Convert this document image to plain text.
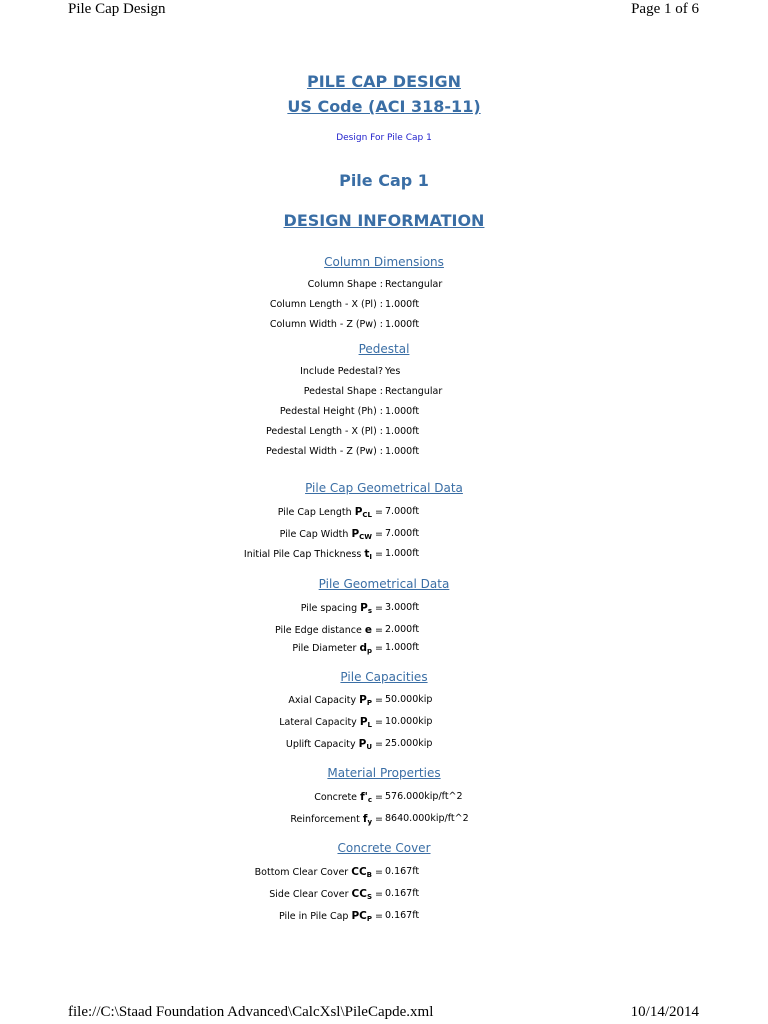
Pile Cap Design	Page 1 of 6
PILE CAP DESIGN
US Code (ACI 318-11)
Design For Pile Cap 1
Pile Cap 1
DESIGN INFORMATION
Column Dimensions
Column Shape : Rectangular
Column Length - X (Pl) : 1.000ft
Column Width - Z (Pw) : 1.000ft
Pedestal
Include Pedestal? Yes
Pedestal Shape : Rectangular
Pedestal Height (Ph) : 1.000ft
Pedestal Length - X (Pl) : 1.000ft
Pedestal Width - Z (Pw) : 1.000ft
Pile Cap Geometrical Data
Pile Cap Length $P_{CL} = 7.000ft$
Pile Cap Width $P_{CW} = 7.000ft$
Initial Pile Cap Thickness $t_I = 1.000ft$
Pile Geometrical Data
Pile spacing $P_s = 3.000ft$
Pile Edge distance e = 2.000ft
Pile Diameter $d_p = 1.000ft$
Pile Capacities
Axial Capacity $P_P = 50.000kip$
Lateral Capacity $P_L = 10.000kip$
Uplift Capacity $P_U = 25.000kip$
Material Properties
Concrete $f'_c$ = 576.000kip/ft^2
Reinforcement $f_y$ = 8640.000kip/ft^2
Concrete Cover
Bottom Clear Cover $CC_B = 0.167ft$
Side Clear Cover $CC_S = 0.167ft$
Pile in Pile Cap $PC_P = 0.167ft$
file://C:\Staad Foundation Advanced\CalcXsl\PileCapde.xml	10/14/2014
